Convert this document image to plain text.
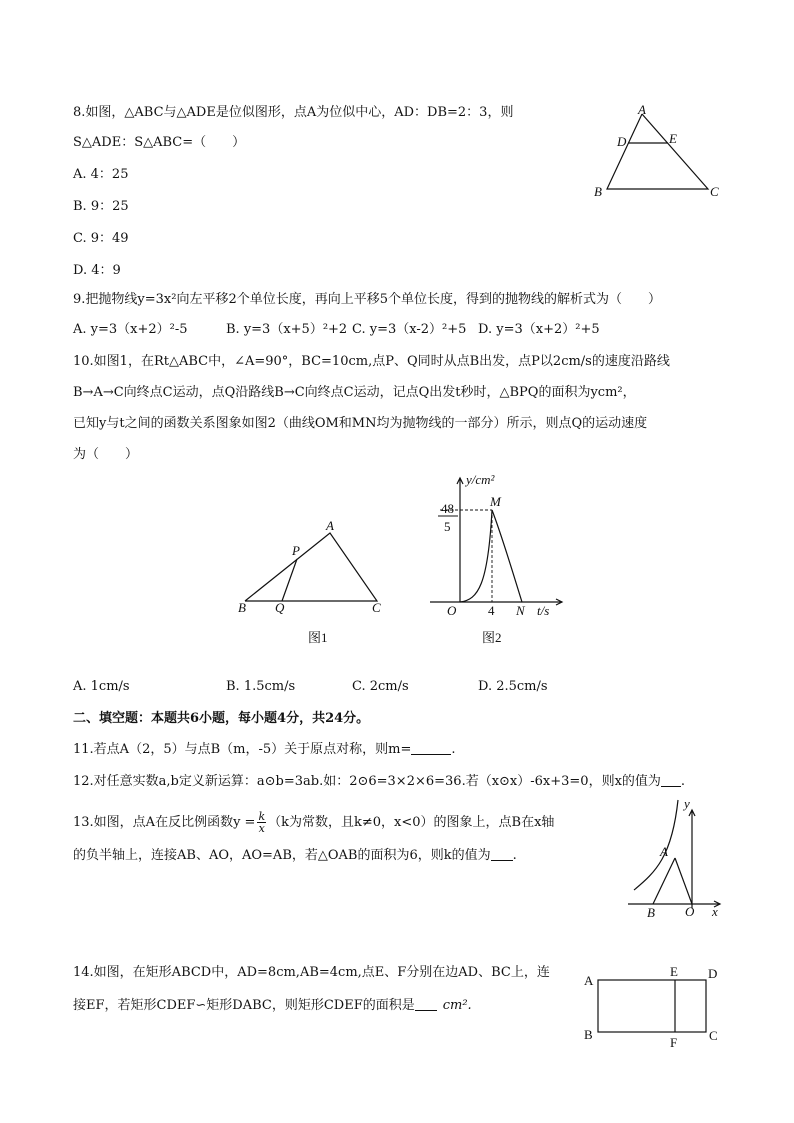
8.如图，△ABC与△ADE是位似图形，点A为位似中心，AD：DB=2：3，则
S△ADE：S△ABC=（　　）
A. 4：25
B. 9：25
C. 9：49
D. 4：9
A
D	E
B	C
9.把抛物线y=3x²向左平移2个单位长度，再向上平移5个单位长度，得到的抛物线的解析式为（　　）
A. y=3（x+2）²-5	B. y=3（x+5）²+2 C. y=3（x-2）²+5 D. y=3（x+2）²+5
10.如图1，在Rt△ABC中，∠A=90°，BC=10cm,点P、Q同时从点B出发，点P以2cm/s的速度沿路线
B→A→C向终点C运动，点Q沿路线B→C向终点C运动，记点Q出发t秒时，△BPQ的面积为ycm²，
已知y与t之间的函数关系图象如图2（曲线OM和MN均为抛物线的一部分）所示，则点Q的运动速度
为（　　）
A
P
B Q	C
图1
y/cm²
48
5
M
O 4 N t/s
图2
A. 1cm/s	B. 1.5cm/s	C. 2cm/s	D. 2.5cm/s
二、填空题：本题共6小题，每小题4分，共24分。
11.若点A（2，5）与点B（m，-5）关于原点对称，则m=	.
12.对任意实数a,b定义新运算：a⊙b=3ab.如：2⊙6=3×2×6=36.若（x⊙x）-6x+3=0，则x的值为 .
13.如图，点A在反比例函数$y = \frac{k}{x} (k$为常数，且k≠0，x<0）的图象上，点B在x轴
的负半轴上，连接AB、AO，AO=AB，若△OAB的面积为6，则k的值为 .
y
A
B O x
14.如图，在矩形ABCD中，AD=8cm,AB=4cm,点E、F分别在边AD、BC上，连
接EF，若矩形CDEF∽矩形DABC，则矩形CDEF的面积是 cm².
A
E D
B
F C
